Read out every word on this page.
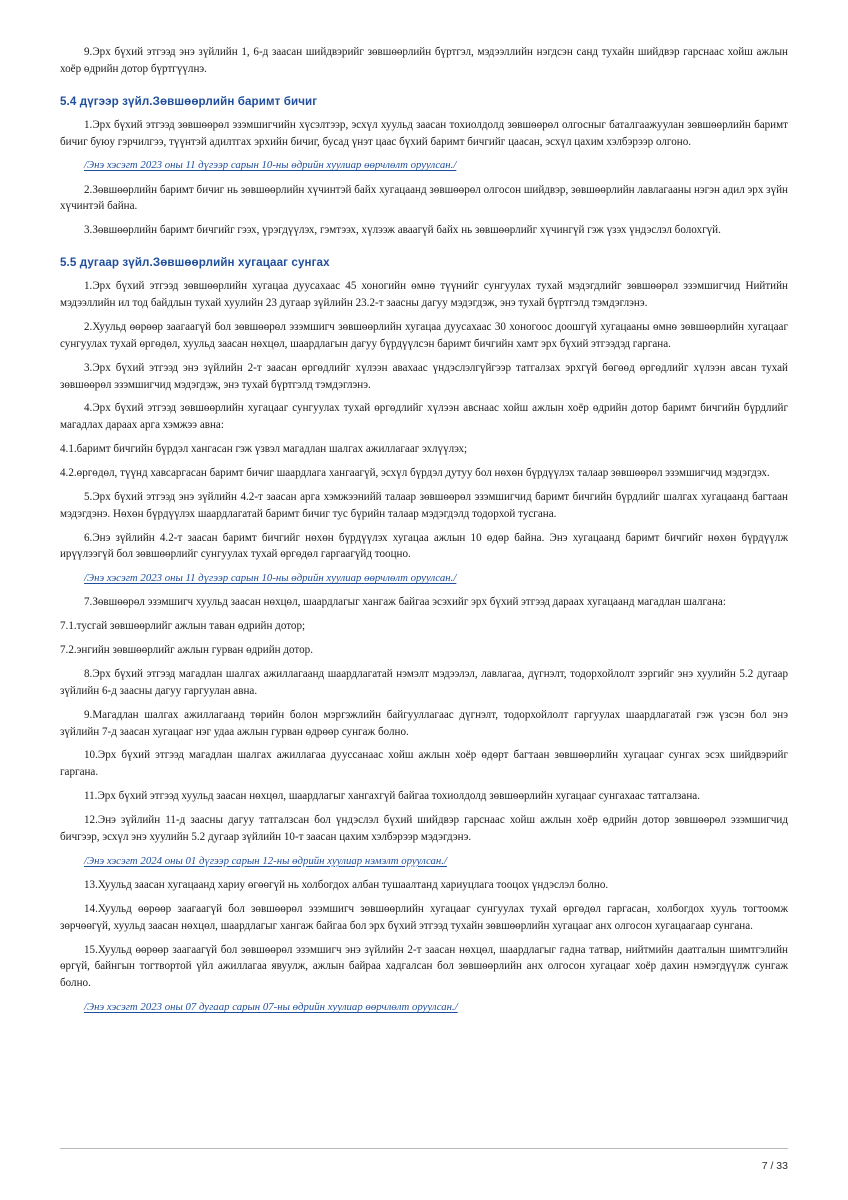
9.Эрх бүхий этгээд энэ зүйлийн 1, 6-д заасан шийдвэрийг зөвшөөрлийн бүртгэл, мэдээллийн нэгдсэн санд тухайн шийдвэр гарснаас хойш ажлын хоёр өдрийн дотор бүртгүүлнэ.

5.4 дүгээр зүйл.Зөвшөөрлийн баримт бичиг

1.Эрх бүхий этгээд зөвшөөрөл эзэмшигчийн хүсэлтээр, эсхүл хуульд заасан тохиолдолд зөвшөөрөл олгосныг баталгаажуулан зөвшөөрлийн баримт бичиг буюу гэрчилгээ, түүнтэй адилтгах эрхийн бичиг, бусад үнэт цаас бүхий баримт бичгийг цаасан, эсхүл цахим хэлбэрээр олгоно.

/Энэ хэсэгт 2023 оны 11 дүгээр сарын 10-ны өдрийн хуулиар өөрчлөлт оруулсан./

2.Зөвшөөрлийн баримт бичиг нь зөвшөөрлийн хүчинтэй байх хугацаанд зөвшөөрөл олгосон шийдвэр, зөвшөөрлийн лавлагааны нэгэн адил эрх зүйн хүчинтэй байна.

3.Зөвшөөрлийн баримт бичгийг гээх, үрэгдүүлэх, гэмтээх, хүлээж аваагүй байх нь зөвшөөрлийг хүчингүй гэж үзэх үндэслэл болохгүй.

5.5 дугаар зүйл.Зөвшөөрлийн хугацааг сунгах

1.Эрх бүхий этгээд зөвшөөрлийн хугацаа дуусахаас 45 хоногийн өмнө түүнийг сунгуулах тухай мэдэгдлийг зөвшөөрөл эзэмшигчид Нийтийн мэдээллийн ил тод байдлын тухай хуулийн 23 дугаар зүйлийн 23.2-т заасны дагуу мэдэгдэж, энэ тухай бүртгэлд тэмдэглэнэ.

2.Хуульд өөрөөр заагаагүй бол зөвшөөрөл эзэмшигч зөвшөөрлийн хугацаа дуусахаас 30 хоногоос доошгүй хугацааны өмнө зөвшөөрлийн хугацааг сунгуулах тухай өргөдөл, хуульд заасан нөхцөл, шаардлагын дагуу бүрдүүлсэн баримт бичгийн хамт эрх бүхий этгээдэд гаргана.

3.Эрх бүхий этгээд энэ зүйлийн 2-т заасан өргөдлийг хүлээн авахаас үндэслэлгүйгээр татгалзах эрхгүй бөгөөд өргөдлийг хүлээн авсан тухай зөвшөөрөл эзэмшигчид мэдэгдэж, энэ тухай бүртгэлд тэмдэглэнэ.

4.Эрх бүхий этгээд зөвшөөрлийн хугацааг сунгуулах тухай өргөдлийг хүлээн авснаас хойш ажлын хоёр өдрийн дотор баримт бичгийн бүрдлийг магадлах дараах арга хэмжээ авна:

4.1.баримт бичгийн бүрдэл хангасан гэж үзвэл магадлан шалгах ажиллагааг эхлүүлэх;

4.2.өргөдөл, түүнд хавсаргасан баримт бичиг шаардлага хангаагүй, эсхүл бүрдэл дутуу бол нөхөн бүрдүүлэх талаар зөвшөөрөл эзэмшигчид мэдэгдэх.

5.Эрх бүхий этгээд энэ зүйлийн 4.2-т заасан арга хэмжээнийй талаар зөвшөөрөл эзэмшигчид баримт бичгийн бүрдлийг шалгах хугацаанд багтаан мэдэгдэнэ. Нөхөн бүрдүүлэх шаардлагатай баримт бичиг тус бүрийн талаар мэдэгдэлд тодорхой тусгана.

6.Энэ зүйлийн 4.2-т заасан баримт бичгийг нөхөн бүрдүүлэх хугацаа ажлын 10 өдөр байна. Энэ хугацаанд баримт бичгийг нөхөн бүрдүүлж ирүүлээгүй бол зөвшөөрлийг сунгуулах тухай өргөдөл гаргаагүйд тооцно.

/Энэ хэсэгт 2023 оны 11 дүгээр сарын 10-ны өдрийн хуулиар өөрчлөлт оруулсан./

7.Зөвшөөрөл эзэмшигч хуульд заасан нөхцөл, шаардлагыг хангаж байгаа эсэхийг эрх бүхий этгээд дараах хугацаанд магадлан шалгана:

7.1.тусгай зөвшөөрлийг ажлын таван өдрийн дотор;

7.2.энгийн зөвшөөрлийг ажлын гурван өдрийн дотор.

8.Эрх бүхий этгээд магадлан шалгах ажиллагаанд шаардлагатай нэмэлт мэдээлэл, лавлагаа, дүгнэлт, тодорхойлолт зэргийг энэ хуулийн 5.2 дугаар зүйлийн 6-д заасны дагуу гаргуулан авна.

9.Магадлан шалгах ажиллагаанд төрийн болон мэргэжлийн байгууллагаас дүгнэлт, тодорхойлолт гаргуулах шаардлагатай гэж үзсэн бол энэ зүйлийн 7-д заасан хугацааг нэг удаа ажлын гурван өдрөөр сунгаж болно.

10.Эрх бүхий этгээд магадлан шалгах ажиллагаа дууссанаас хойш ажлын хоёр өдөрт багтаан зөвшөөрлийн хугацааг сунгах эсэх шийдвэрийг гаргана.

11.Эрх бүхий этгээд хуульд заасан нөхцөл, шаардлагыг хангахгүй байгаа тохиолдолд зөвшөөрлийн хугацааг сунгахаас татгалзана.

12.Энэ зүйлийн 11-д заасны дагуу татгалзсан бол үндэслэл бүхий шийдвэр гарснаас хойш ажлын хоёр өдрийн дотор зөвшөөрөл эзэмшигчид бичгээр, эсхүл энэ хуулийн 5.2 дугаар зүйлийн 10-т заасан цахим хэлбэрээр мэдэгдэнэ.

/Энэ хэсэгт 2024 оны 01 дүгээр сарын 12-ны өдрийн хуулиар нэмэлт оруулсан./

13.Хуульд заасан хугацаанд хариу өгөөгүй нь холбогдох албан тушаалтанд хариуцлага тооцох үндэслэл болно.

14.Хуульд өөрөөр заагаагүй бол зөвшөөрөл эзэмшигч зөвшөөрлийн хугацааг сунгуулах тухай өргөдөл гаргасан, холбогдох хууль тогтоомж зөрчөөгүй, хуульд заасан нөхцөл, шаардлагыг хангаж байгаа бол эрх бүхий этгээд тухайн зөвшөөрлийн хугацааг анх олгосон хугацаагаар сунгана.

15.Хуульд өөрөөр заагаагүй бол зөвшөөрөл эзэмшигч энэ зүйлийн 2-т заасан нөхцөл, шаардлагыг гадна татвар, нийтмийн даатгалын шимтгэлийн өргүй, байнгын тогтвортой үйл ажиллагаа явуулж, ажлын байраа хадгалсан бол зөвшөөрлийн анх олгосон хугацааг хоёр дахин нэмэгдүүлж сунгаж болно.

/Энэ хэсэгт 2023 оны 07 дугаар сарын 07-ны өдрийн хуулиар өөрчлөлт оруулсан./

7 / 33
